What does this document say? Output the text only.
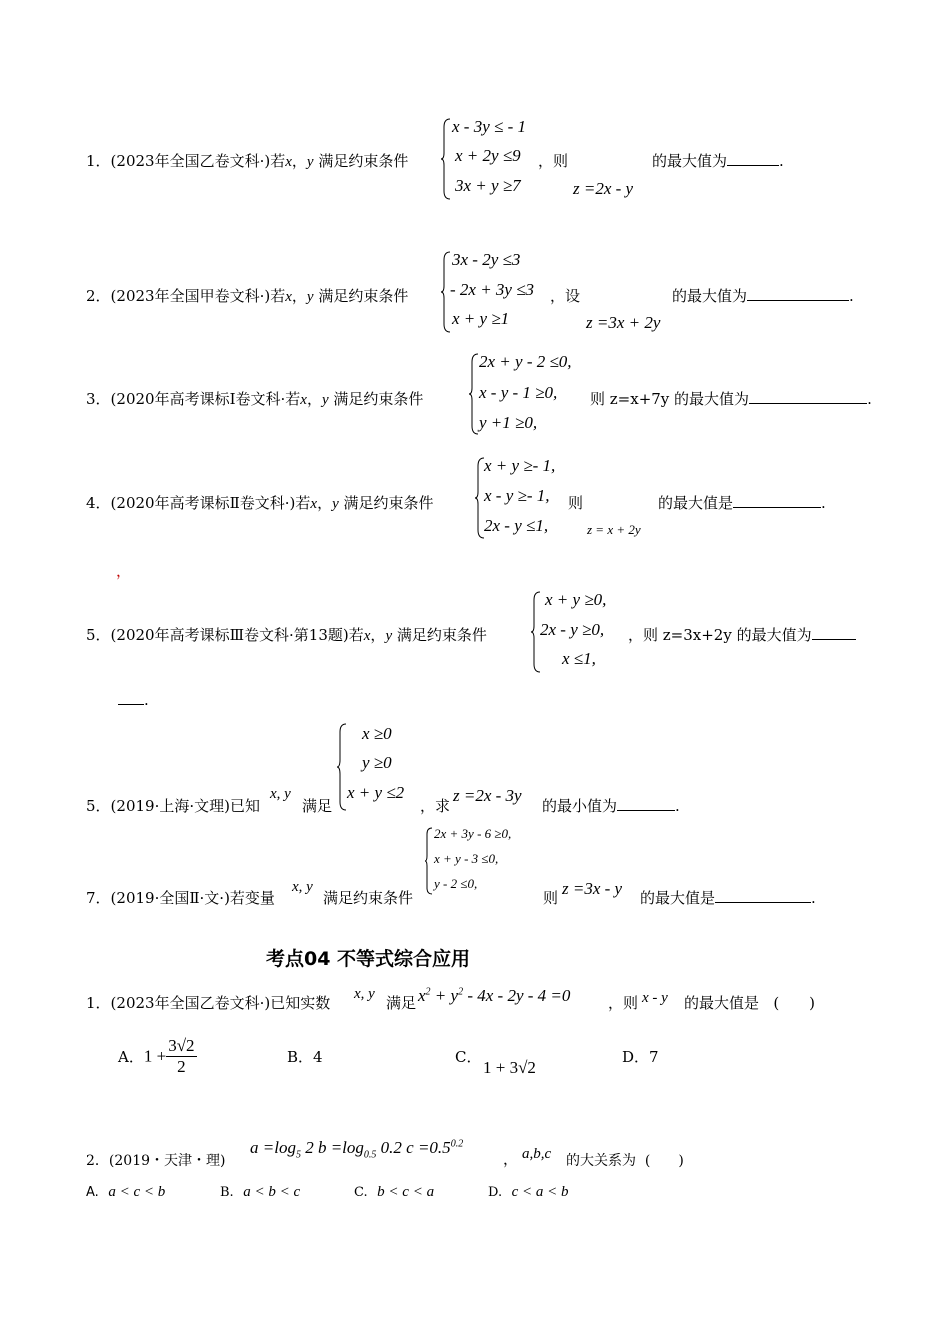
1．(2023年全国乙卷文科·)若x，y 满足约束条件
x - 3y ≤ - 1
x + 2y ≤9
3x + y ≥7
，则
z =2x - y
的最大值为	.
2．(2023年全国甲卷文科·)若x，y 满足约束条件
3x - 2y ≤3
- 2x + 3y ≤3
x + y ≥1
，设
z =3x + 2y
的最大值为	.
3．(2020年高考课标Ⅰ卷文科·若x，y 满足约束条件
2x + y - 2 ≤0,
x - y - 1 ≥0,
y +1 ≥0,
则 z=x+7y 的最大值为	.
4．(2020年高考课标Ⅱ卷文科·)若x，y 满足约束条件
x + y ≥- 1,
x - y ≥- 1,
2x - y ≤1,
则
z = x + 2y
的最大值是	.
，
5．(2020年高考课标Ⅲ卷文科·第13题)若x，y 满足约束条件
x + y ≥0,
2x - y ≥0,
x ≤1,
，则 z=3x+2y 的最大值为
.
5．(2019·上海·文理)已知
x, y
满足
x ≥0
y ≥0
x + y ≤2
，求
z =2x - 3y
的最小值为	.
7．(2019·全国Ⅱ·文·)若变量
x, y
满足约束条件
2x + 3y - 6 ≥0,
x + y - 3 ≤0,
y - 2 ≤0,
则 z =3x - y 的最大值是	.
考点04 不等式综合应用
1．(2023年全国乙卷文科·)已知实数 x, y 满足 $x^2 + y^2 - 4x - 2y - 4 =0$	，则 x - y 的最大值是 (　　)
A．$1 + \frac{3√2}{2}$	B．4	C．
1 + 3√2
D．7
2．(2019・天津・理)
$a =\log_5$ 2 $b =\log_{0.5}$ 0.2 $c =0.5^{0.2}$
， a,b,c 的大关系为 (　　)
A. a < c < b	B. a < b < c	C. b < c < a	D. c < a < b
